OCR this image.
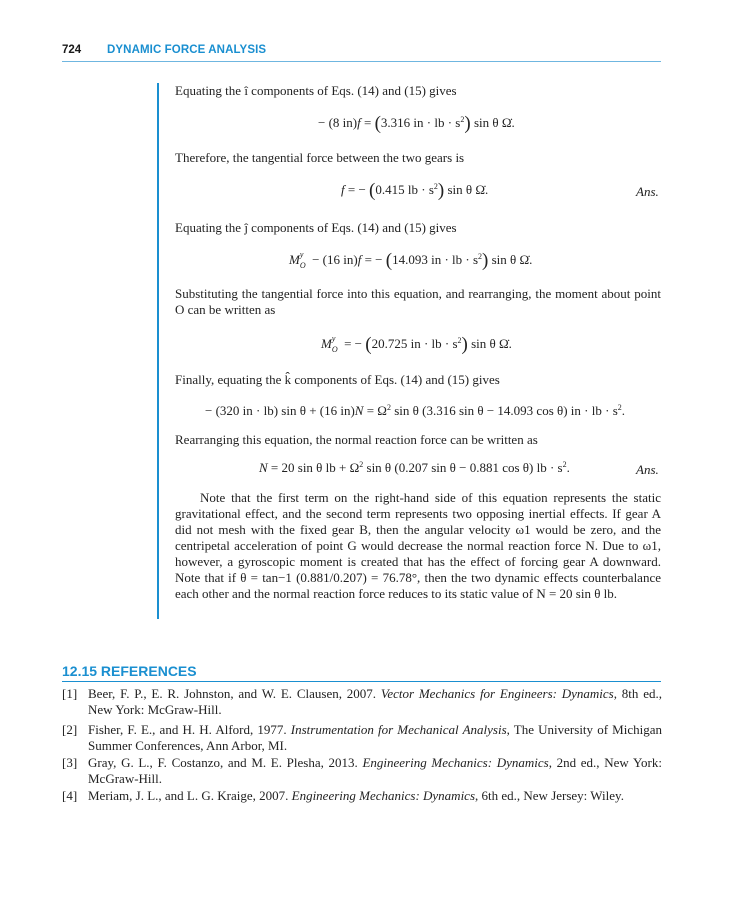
724 DYNAMIC FORCE ANALYSIS
Equating the î components of Eqs. (14) and (15) gives
− (8 in)f = (3.316 in · lb · $s^2$) sin θ Ω̇.
Therefore, the tangential force between the two gears is
f = − (0.415 lb · $s^2$) sin θ Ω̇.	Ans.
Equating the ĵ components of Eqs. (14) and (15) gives
M y
O − (16 in)f = − (14.093 in · lb · $s^2$) sin θ Ω̇.
Substituting the tangential force into this equation, and rearranging, the moment about point O can be written as
M y
O = − (20.725 in · lb · $s^2$) sin θ Ω̇.
Finally, equating the k̂ components of Eqs. (14) and (15) gives
− (320 in · lb) sin θ + (16 $in)N = \Omega^2$ sin θ (3.316 sin θ − 14.093 cos θ) in · lb · $s^2$.
Rearranging this equation, the normal reaction force can be written as
N = 20 sin θ lb + $\Omega^2$ sin θ (0.207 sin θ − 0.881 cos θ) lb · $s^2$.	Ans.
Note that the first term on the right-hand side of this equation represents the static gravitational effect, and the second term represents two opposing inertial effects. If gear A did not mesh with the fixed gear B, then the angular velocity ω1 would be zero, and the centripetal acceleration of point G would decrease the normal reaction force N. Due to ω1, however, a gyroscopic moment is created that has the effect of forcing gear A downward. Note that if θ = tan−1 (0.881/0.207) = 76.78°, then the two dynamic effects counterbalance each other and the normal reaction force reduces to its static value of N = 20 sin θ lb.
12.15 REFERENCES
[1] Beer, F. P., E. R. Johnston, and W. E. Clausen, 2007. Vector Mechanics for Engineers: Dynamics, 8th ed., New York: McGraw-Hill.
[2] Fisher, F. E., and H. H. Alford, 1977. Instrumentation for Mechanical Analysis, The University of Michigan Summer Conferences, Ann Arbor, MI.
[3] Gray, G. L., F. Costanzo, and M. E. Plesha, 2013. Engineering Mechanics: Dynamics, 2nd ed., New York: McGraw-Hill.
[4] Meriam, J. L., and L. G. Kraige, 2007. Engineering Mechanics: Dynamics, 6th ed., New Jersey: Wiley.
